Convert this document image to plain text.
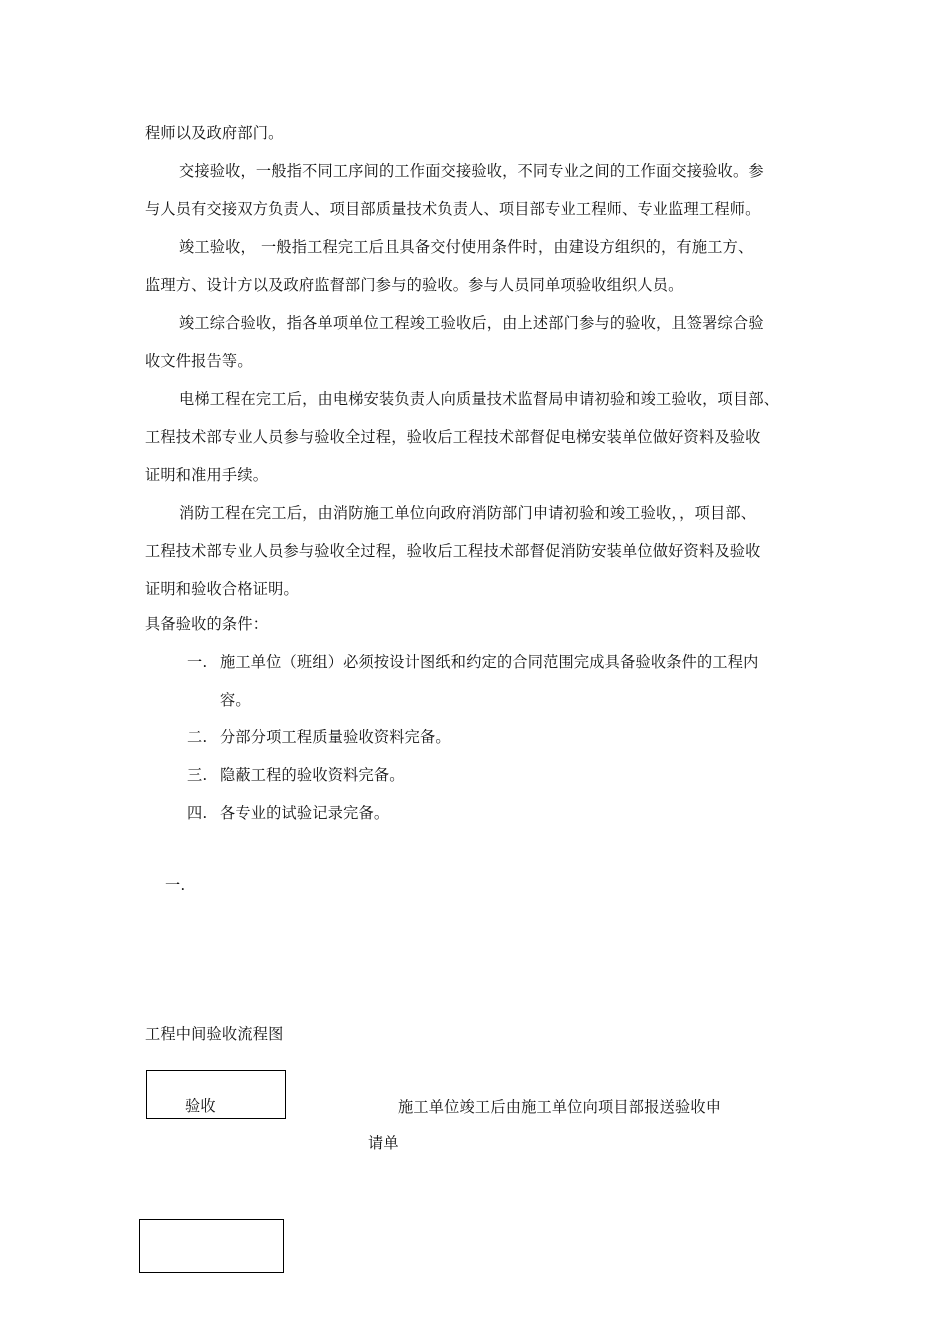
程师以及政府部门。
交接验收，一般指不同工序间的工作面交接验收，不同专业之间的工作面交接验收。参
与人员有交接双方负责人、项目部质量技术负责人、项目部专业工程师、专业监理工程师。
竣工验收， 一般指工程完工后且具备交付使用条件时，由建设方组织的，有施工方、
监理方、设计方以及政府监督部门参与的验收。参与人员同单项验收组织人员。
竣工综合验收，指各单项单位工程竣工验收后，由上述部门参与的验收，且签署综合验
收文件报告等。
电梯工程在完工后，由电梯安装负责人向质量技术监督局申请初验和竣工验收，项目部、
工程技术部专业人员参与验收全过程，验收后工程技术部督促电梯安装单位做好资料及验收
证明和准用手续。
消防工程在完工后，由消防施工单位向政府消防部门申请初验和竣工验收，，项目部、
工程技术部专业人员参与验收全过程，验收后工程技术部督促消防安装单位做好资料及验收
证明和验收合格证明。
具备验收的条件：
一. 施工单位（班组）必须按设计图纸和约定的合同范围完成具备验收条件的工程内
容。
二. 分部分项工程质量验收资料完备。
三. 隐蔽工程的验收资料完备。
四. 各专业的试验记录完备。
一.
工程中间验收流程图
验收	施工单位竣工后由施工单位向项目部报送验收申
请单
